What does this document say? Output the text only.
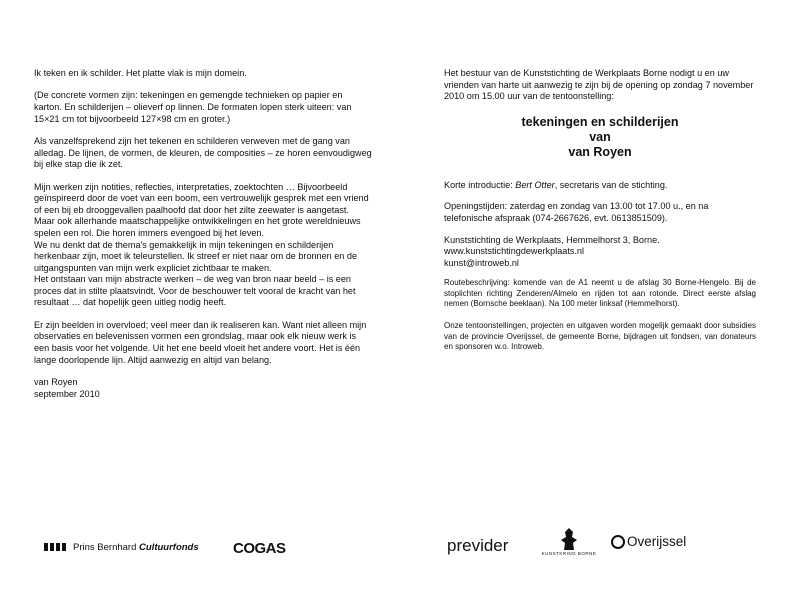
Ik teken en ik schilder. Het platte vlak is mijn domein.

(De concrete vormen zijn: tekeningen en gemengde technieken op papier en karton. En schilderijen – olieverf op linnen. De formaten lopen sterk uiteen: van 15×21 cm tot bijvoorbeeld 127×98 cm en groter.)

Als vanzelfsprekend zijn het tekenen en schilderen verweven met de gang van alledag. De lijnen, de vormen, de kleuren, de composities – ze horen eenvoudigweg bij elke stap die ik zet.

Mijn werken zijn notities, reflecties, interpretaties, zoektochten … Bijvoorbeeld geïnspireerd door de voet van een boom, een vertrouwelijk gesprek met een vriend of een bij eb drooggevallen paalhoofd dat door het zilte zeewater is aangetast. Maar ook allerhande maatschappelijke ontwikkelingen en het grote wereldnieuws spelen een rol. Die horen immers evengoed bij het leven.

We nu denkt dat de thema's gemakkelijk in mijn tekeningen en schilderijen herkenbaar zijn, moet ik teleurstellen. Ik streef er niet naar om de bronnen en de uitgangspunten van mijn werk expliciet zichtbaar te maken.

Het ontstaan van mijn abstracte werken – de weg van bron naar beeld – is een proces dat in stilte plaatsvindt. Voor de beschouwer telt vooral de kracht van het resultaat … dat hopelijk geen uitleg nodig heeft.

Er zijn beelden in overvloed; veel meer dan ik realiseren kan. Want niet alleen mijn observaties en belevenissen vormen een grondslag, maar ook elk nieuw werk is een basis voor het volgende. Uit het ene beeld vloeit het andere voort. Het is één lange doorlopende lijn. Altijd aanwezig en altijd van belang.

van Royen

september 2010

Het bestuur van de Kunststichting de Werkplaats Borne nodigt u en uw vrienden van harte uit aanwezig te zijn bij de opening op zondag 7 november 2010 om 15.00 uur van de tentoonstelling:

tekeningen en schilderijen
van
van Royen

Korte introductie: Bert Otter, secretaris van de stichting.

Openingstijden: zaterdag en zondag van 13.00 tot 17.00 u., en na telefonische afspraak (074-2667626, evt. 0613851509).

Kunststichting de Werkplaats, Hemmelhorst 3, Borne.
www.kunststichtingdewerkplaats.nl
kunst@introweb.nl

Routebeschrijving: komende van de A1 neemt u de afslag 30 Borne-Hengelo. Bij de stoplichten richting Zenderen/Almelo en rijden tot aan rotonde. Direct eerste afslag nemen (Bornsche beeklaan). Na 100 meter linksaf (Hemmelhorst).

Onze tentoonstellingen, projecten en uitgaven worden mogelijk gemaakt door subsidies van de provincie Overijssel, de gemeente Borne, bijdragen uit fondsen, van donateurs en sponsoren w.o. Introweb.

Prins Bernhard Cultuurfonds COGAS	previder	KUNSTKRING BORNE
Overijssel
